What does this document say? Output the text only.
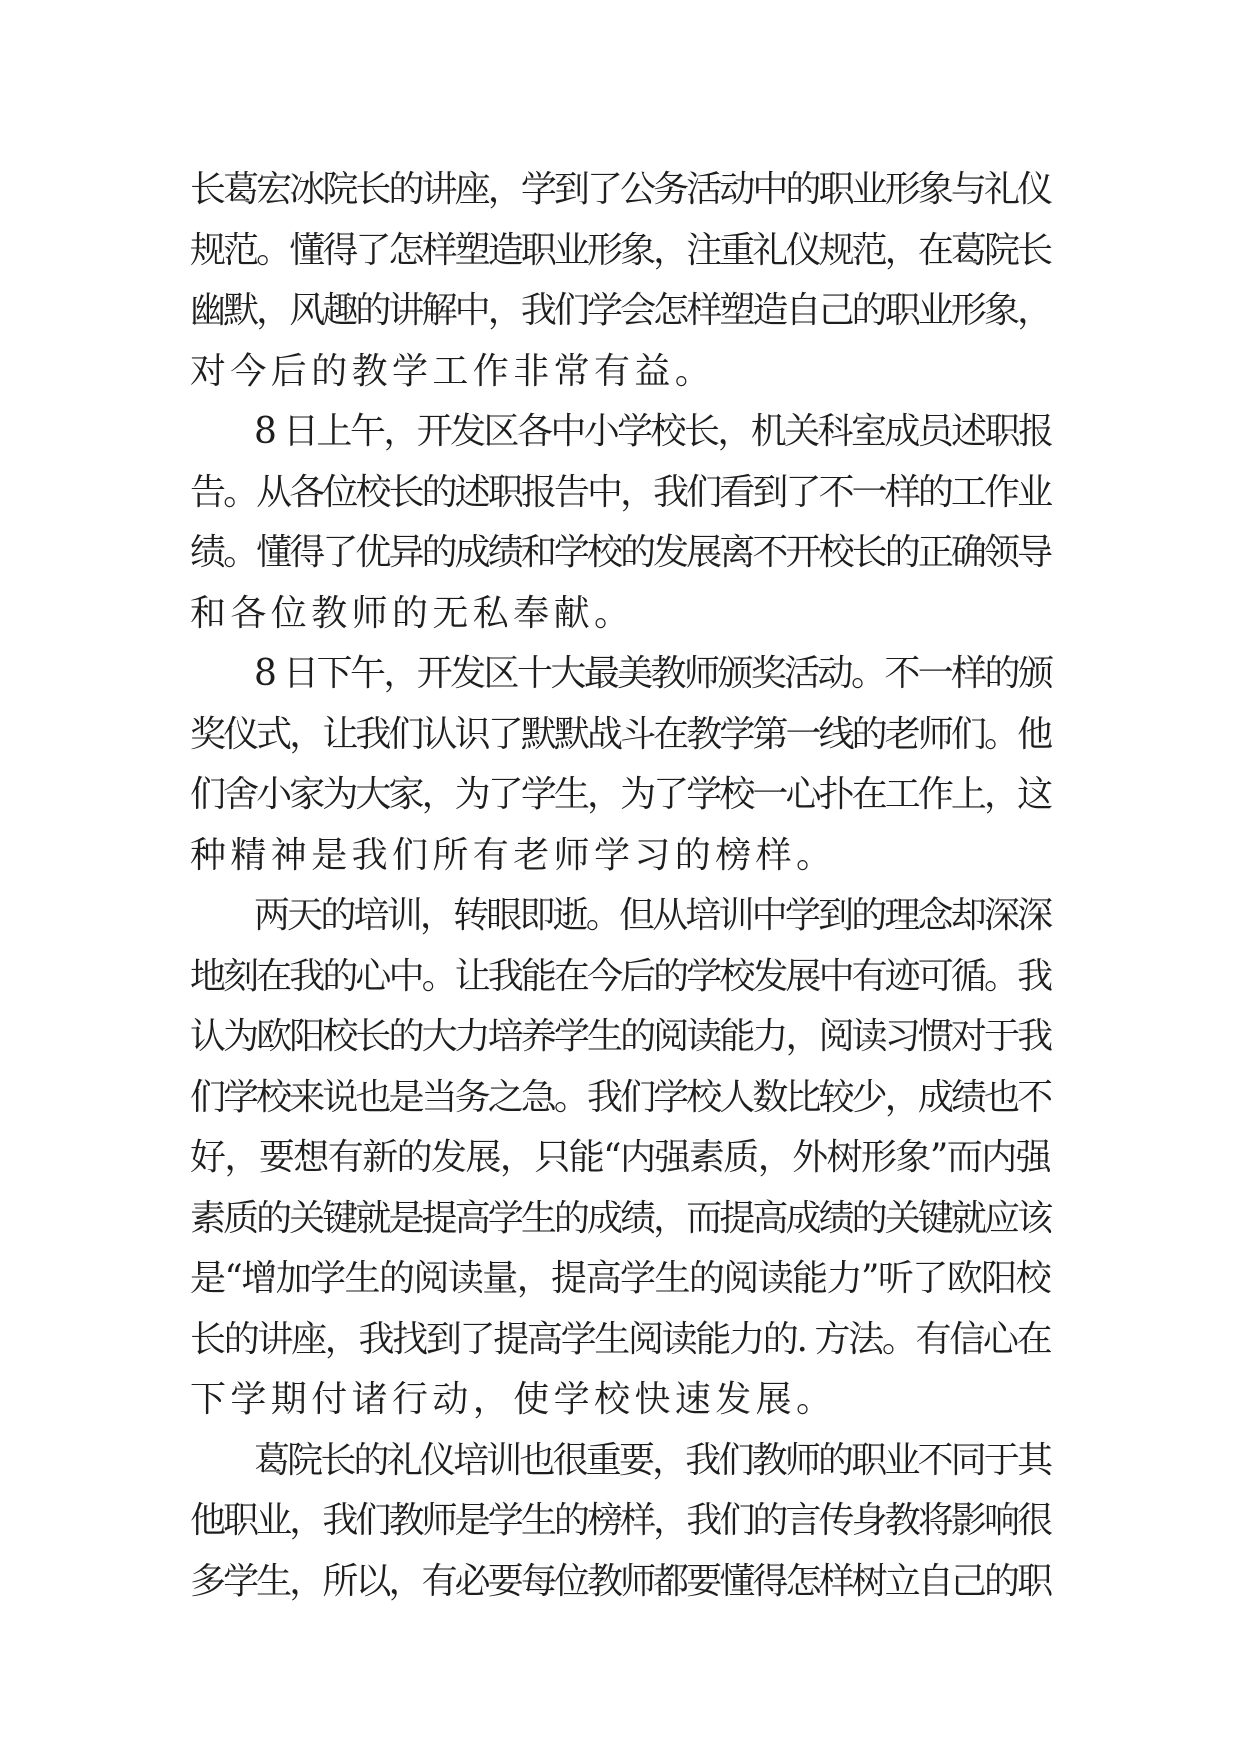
长葛宏冰院长的讲座，学到了公务活动中的职业形象与礼仪
规范。懂得了怎样塑造职业形象，注重礼仪规范，在葛院长
幽默，风趣的讲解中，我们学会怎样塑造自己的职业形象，
对今后的教学工作非常有益。
8 日上午，开发区各中小学校长，机关科室成员述职报
告。从各位校长的述职报告中，我们看到了不一样的工作业
绩。懂得了优异的成绩和学校的发展离不开校长的正确领导
和各位教师的无私奉献。
8 日下午，开发区十大最美教师颁奖活动。不一样的颁
奖仪式，让我们认识了默默战斗在教学第一线的老师们。他
们舍小家为大家，为了学生，为了学校一心扑在工作上，这
种精神是我们所有老师学习的榜样。
两天的培训，转眼即逝。但从培训中学到的理念却深深
地刻在我的心中。让我能在今后的学校发展中有迹可循。我
认为欧阳校长的大力培养学生的阅读能力，阅读习惯对于我
们学校来说也是当务之急。我们学校人数比较少，成绩也不
好，要想有新的发展，只能“内强素质，外树形象”而内强
素质的关键就是提高学生的成绩，而提高成绩的关键就应该
是“增加学生的阅读量，提高学生的阅读能力”听了欧阳校
长的讲座，我找到了提高学生阅读能力的. 方法。有信心在
下学期付诸行动，使学校快速发展。
葛院长的礼仪培训也很重要，我们教师的职业不同于其
他职业，我们教师是学生的榜样，我们的言传身教将影响很
多学生，所以，有必要每位教师都要懂得怎样树立自己的职
